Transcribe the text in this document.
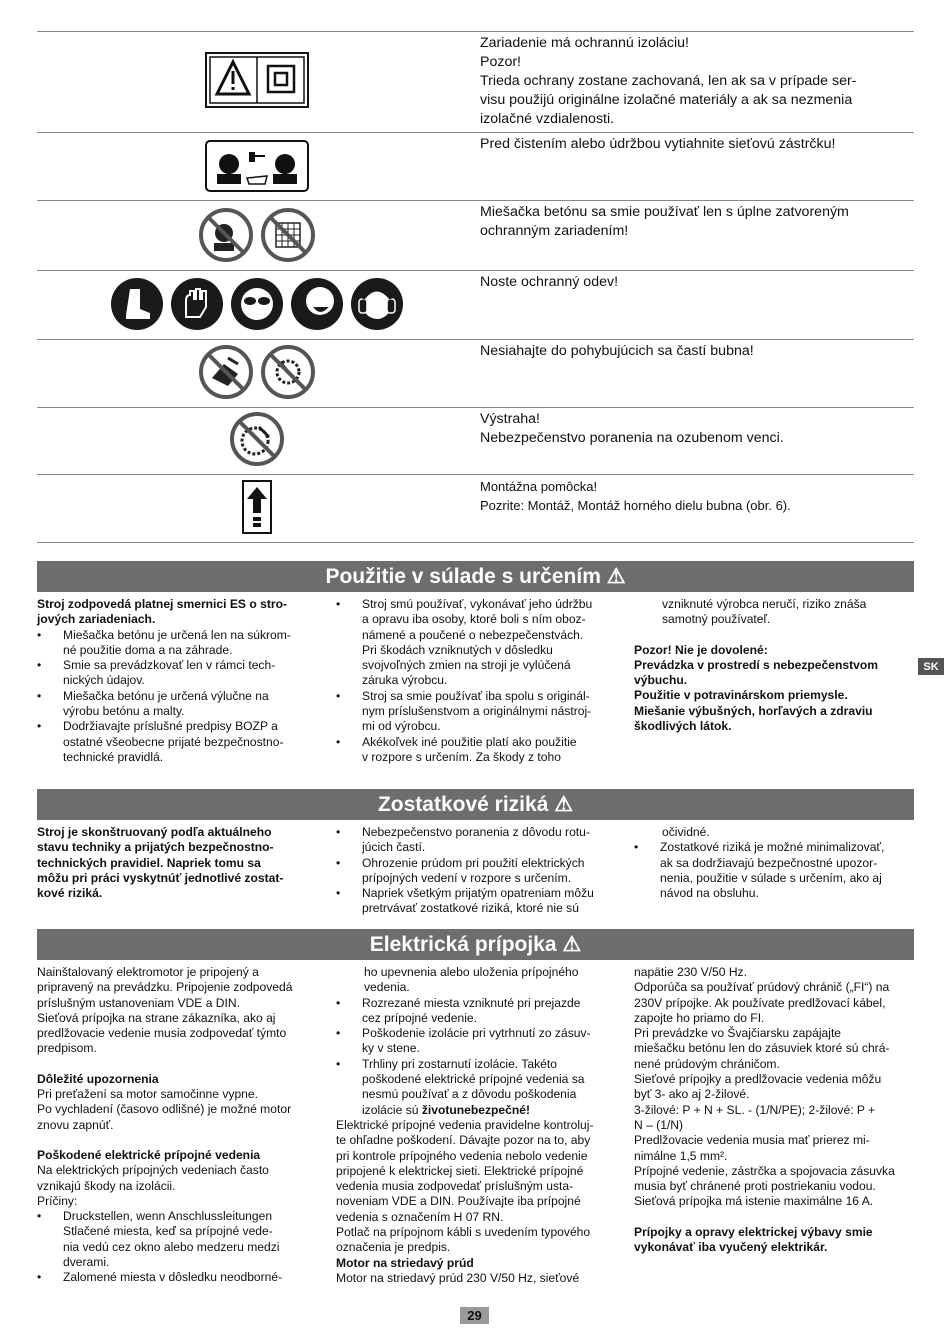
Zariadenie má ochrannú izoláciu!
Pozor!
Trieda ochrany zostane zachovaná, len ak sa v prípade ser-
visu použijú originálne izolačné materiály a ak sa nezmenia
izolačné vzdialenosti.
Pred čistením alebo údržbou vytiahnite sieťovú zástrčku!
Miešačka betónu sa smie používať len s úplne zatvoreným
ochranným zariadením!
Noste ochranný odev!
Nesiahajte do pohybujúcich sa častí bubna!
Výstraha!
Nebezpečenstvo poranenia na ozubenom venci.
Montážna pomôcka!
Pozrite: Montáž, Montáž horného dielu bubna (obr. 6).
Použitie v súlade s určením ⚠

Stroj zodpovedá platnej smernici ES o stro-
jových zariadeniach.

• Miešačka betónu je určená len na súkrom-
né použitie doma a na záhrade.

• Smie sa prevádzkovať len v rámci tech-
nických údajov.

• Miešačka betónu je určená výlučne na
výrobu betónu a malty.

• Dodržiavajte príslušné predpisy BOZP a
ostatné všeobecne prijaté bezpečnostno-
technické pravidlá.

• Stroj smú používať, vykonávať jeho údržbu
a opravu iba osoby, ktoré boli s ním oboz-
námené a poučené o nebezpečenstvách.
Pri škodách vzniknutých v dôsledku
svojvoľných zmien na stroji je vylúčená
záruka výrobcu.

• Stroj sa smie používať iba spolu s originál-
nym príslušenstvom a originálnymi nástroj-
mi od výrobcu.

• Akékoľvek iné použitie platí ako použitie
v rozpore s určením. Za škody z toho

vzniknuté výrobca neručí, riziko znáša
samotný používateľ.

Pozor! Nie je dovolené:

Prevádzka v prostredí s nebezpečenstvom
výbuchu.
Použitie v potravinárskom priemysle.
Miešanie výbušných, horľavých a zdraviu
škodlivých látok.

SK
Zostatkové riziká ⚠

Stroj je skonštruovaný podľa aktuálneho
stavu techniky a prijatých bezpečnostno-
technických pravidiel. Napriek tomu sa
môžu pri práci vyskytnúť jednotlivé zostat-
kové riziká.

• Nebezpečenstvo poranenia z dôvodu rotu-
júcich častí.

• Ohrozenie prúdom pri použití elektrických
prípojných vedení v rozpore s určením.

• Napriek všetkým prijatým opatreniam môžu
pretrvávať zostatkové riziká, ktoré nie sú

očividné.

• Zostatkové riziká je možné minimalizovať,
ak sa dodržiavajú bezpečnostné upozor-
nenia, použitie v súlade s určením, ako aj
návod na obsluhu.

Elektrická prípojka ⚠

Nainštalovaný elektromotor je pripojený a
pripravený na prevádzku. Pripojenie zodpovedá
príslušným ustanoveniam VDE a DIN.
Sieťová prípojka na strane zákazníka, ako aj
predlžovacie vedenie musia zodpovedať týmto
predpisom.

Dôležité upozornenia

Pri preťažení sa motor samočinne vypne.
Po vychladení (časovo odlišné) je možné motor
znovu zapnúť.

Poškodené elektrické prípojné vedenia

Na elektrických prípojných vedeniach často
vznikajú škody na izolácii.
Príčiny:

• Druckstellen, wenn Anschlussleitungen
Stlačené miesta, keď sa prípojné vede-
nia vedú cez okno alebo medzeru medzi
dverami.

• Zalomené miesta v dôsledku neodborné-

ho upevnenia alebo uloženia prípojného
vedenia.

• Rozrezané miesta vzniknuté pri prejazde
cez prípojné vedenie.

• Poškodenie izolácie pri vytrhnutí zo zásuv-
ky v stene.

• Trhliny pri zostarnutí izolácie. Takéto
poškodené elektrické prípojné vedenia sa
nesmú používať a z dôvodu poškodenia
izolácie sú životunebezpečné!

Elektrické prípojné vedenia pravidelne kontroluj-
te ohľadne poškodení. Dávajte pozor na to, aby
pri kontrole prípojného vedenia nebolo vedenie
pripojené k elektrickej sieti. Elektrické prípojné
vedenia musia zodpovedať príslušným usta-
noveniam VDE a DIN. Používajte iba prípojné
vedenia s označením H 07 RN.
Potlač na prípojnom kábli s uvedením typového
označenia je predpis.

Motor na striedavý prúd

Motor na striedavý prúd 230 V/50 Hz, sieťové

napätie 230 V/50 Hz.
Odporúča sa používať prúdový chránič („FI“) na
230V prípojke. Ak používate predlžovací kábel,
zapojte ho priamo do FI.
Pri prevádzke vo Švajčiarsku zapájajte
miešačku betónu len do zásuviek ktoré sú chrá-
nené prúdovým chráničom.
Sieťové prípojky a predlžovacie vedenia môžu
byť 3- ako aj 2-žilové.
3-žilové: P + N + SL. - (1/N/PE); 2-žilové: P +
N – (1/N)
Predlžovacie vedenia musia mať prierez mi-
nimálne 1,5 mm².
Prípojné vedenie, zástrčka a spojovacia zásuvka
musia byť chránené proti postriekaniu vodou.
Sieťová prípojka má istenie maximálne 16 A.

Prípojky a opravy elektrickej výbavy smie
vykonávať iba vyučený elektrikár.

29
